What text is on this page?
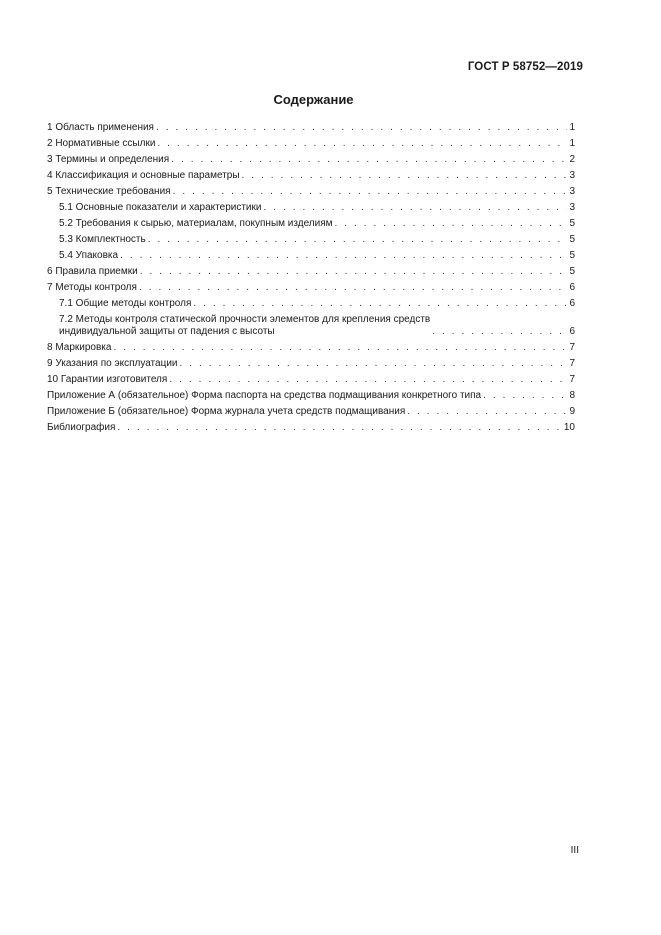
ГОСТ Р 58752—2019
Содержание
1 Область применения . . .	1
2 Нормативные ссылки . . .	1
3 Термины и определения . . .	2
4 Классификация и основные параметры . . .	3
5 Технические требования . . .	3
5.1 Основные показатели и характеристики . . .	3
5.2 Требования к сырью, материалам, покупным изделиям . . .	5
5.3 Комплектность . . .	5
5.4 Упаковка . . .	5
6 Правила приемки . . .	5
7 Методы контроля . . .	6
7.1 Общие методы контроля . . .	6
7.2 Методы контроля статической прочности элементов для крепления средств
индивидуальной защиты от падения с высоты . . .	6
8 Маркировка . . .	7
9 Указания по эксплуатации . . .	7
10 Гарантии изготовителя . . .	7
Приложение А (обязательное) Форма паспорта на средства подмащивания конкретного типа . . .	8
Приложение Б (обязательное) Форма журнала учета средств подмащивания . . .	9
Библиография . . .	10
III
